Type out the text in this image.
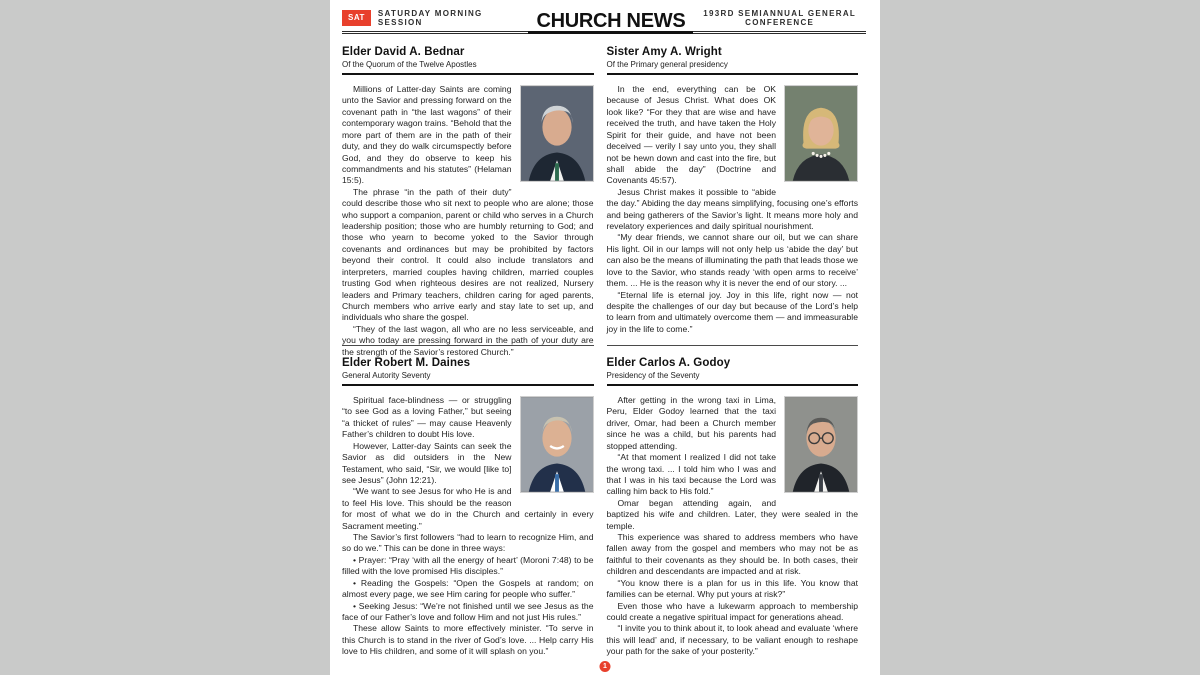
SAT	SATURDAY MORNING SESSION	CHURCH NEWS	193RD SEMIANNUAL GENERAL CONFERENCE
Elder David A. Bednar
Of the Quorum of the Twelve Apostles

Millions of Latter-day Saints are coming unto the Savior and pressing forward on the covenant path in “the last wagons” of their contemporary wagon trains. “Behold that the more part of them are in the path of their duty, and they do walk circumspectly before God, and they do observe to keep his commandments and his statutes” (Helaman 15:5).

The phrase “in the path of their duty” could describe those who sit next to people who are alone; those who support a companion, parent or child who serves in a Church leadership position; those who are humbly returning to God; and those who yearn to become yoked to the Savior through covenants and ordinances but may be prohibited by factors beyond their control. It could also include translators and interpreters, married couples having children, married couples trusting God when righteous desires are not realized, Nursery leaders and Primary teachers, children caring for aged parents, Church members who arrive early and stay late to set up, and individuals who share the gospel.

“They of the last wagon, all who are no less serviceable, and you who today are pressing forward in the path of your duty are the strength of the Savior’s restored Church.”

Elder Robert M. Daines
General Autority Seventy

Spiritual face-blindness — or struggling “to see God as a loving Father,” but seeing “a thicket of rules” — may cause Heavenly Father’s children to doubt His love.

However, Latter-day Saints can seek the Savior as did outsiders in the New Testament, who said, “Sir, we would [like to] see Jesus” (John 12:21).

“We want to see Jesus for who He is and to feel His love. This should be the reason for most of what we do in the Church and certainly in every Sacrament meeting.”

The Savior’s first followers “had to learn to recognize Him, and so do we.” This can be done in three ways:

• Prayer: “Pray ‘with all the energy of heart’ (Moroni 7:48) to be filled with the love promised His disciples.”

• Reading the Gospels: “Open the Gospels at random; on almost every page, we see Him caring for people who suffer.”

• Seeking Jesus: “We’re not finished until we see Jesus as the face of our Father’s love and follow Him and not just His rules.”

These allow Saints to more effectively minister. “To serve in this Church is to stand in the river of God’s love. ... Help carry His love to His children, and some of it will splash on you.”

Sister Amy A. Wright
Of the Primary general presidency

In the end, everything can be OK because of Jesus Christ. What does OK look like? “For they that are wise and have received the truth, and have taken the Holy Spirit for their guide, and have not been deceived — verily I say unto you, they shall not be hewn down and cast into the fire, but shall abide the day” (Doctrine and Covenants 45:57).

Jesus Christ makes it possible to “abide the day.” Abiding the day means simplifying, focusing one’s efforts and being gatherers of the Savior’s light. It means more holy and revelatory experiences and daily spiritual nourishment.

“My dear friends, we cannot share our oil, but we can share His light. Oil in our lamps will not only help us ‘abide the day’ but can also be the means of illuminating the path that leads those we love to the Savior, who stands ready ‘with open arms to receive’ them. ... He is the reason why it is never the end of our story. ...

“Eternal life is eternal joy. Joy in this life, right now — not despite the challenges of our day but because of the Lord’s help to learn from and ultimately overcome them — and immeasurable joy in the life to come.”

Elder Carlos A. Godoy
Presidency of the Seventy

After getting in the wrong taxi in Lima, Peru, Elder Godoy learned that the taxi driver, Omar, had been a Church member since he was a child, but his parents had stopped attending.

“At that moment I realized I did not take the wrong taxi. ... I told him who I was and that I was in his taxi because the Lord was calling him back to His fold.”

Omar began attending again, and baptized his wife and children. Later, they were sealed in the temple.

This experience was shared to address members who have fallen away from the gospel and members who may not be as faithful to their covenants as they should be. In both cases, their children and descendants are impacted and at risk.

“You know there is a plan for us in this life. You know that families can be eternal. Why put yours at risk?”

Even those who have a lukewarm approach to membership could create a negative spiritual impact for generations ahead.

“I invite you to think about it, to look ahead and evaluate ‘where this will lead’ and, if necessary, to be valiant enough to reshape your path for the sake of your posterity.”

1
